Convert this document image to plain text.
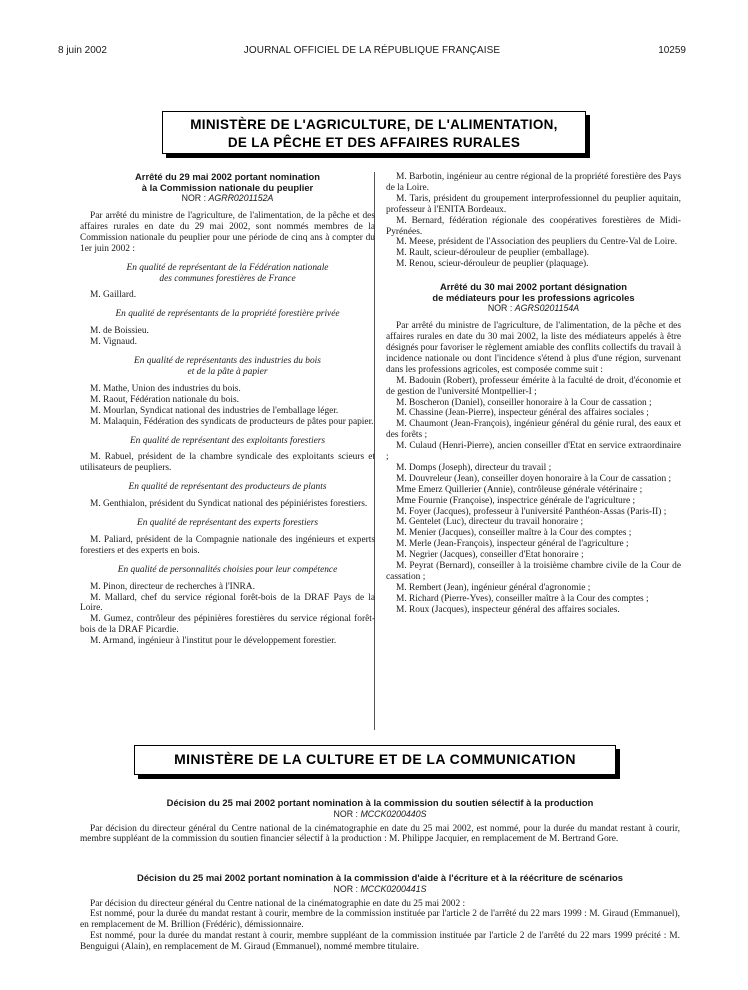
8 juin 2002	JOURNAL OFFICIEL DE LA RÉPUBLIQUE FRANÇAISE	10259
MINISTÈRE DE L'AGRICULTURE, DE L'ALIMENTATION,
DE LA PÊCHE ET DES AFFAIRES RURALES
Arrêté du 29 mai 2002 portant nomination
à la Commission nationale du peuplier
NOR : AGRR0201152A

Par arrêté du ministre de l'agriculture, de l'alimentation, de la pêche et des affaires rurales en date du 29 mai 2002, sont nommés membres de la Commission nationale du peuplier pour une période de cinq ans à compter du 1er juin 2002 :

En qualité de représentant de la Fédération nationale
des communes forestières de France

M. Gaillard.

En qualité de représentants de la propriété forestière privée

M. de Boissieu.

M. Vignaud.

En qualité de représentants des industries du bois
et de la pâte à papier

M. Mathe, Union des industries du bois.

M. Raout, Fédération nationale du bois.

M. Mourlan, Syndicat national des industries de l'emballage léger.

M. Malaquin, Fédération des syndicats de producteurs de pâtes pour papier.

En qualité de représentant des exploitants forestiers

M. Rabuel, président de la chambre syndicale des exploitants scieurs et utilisateurs de peupliers.

En qualité de représentant des producteurs de plants

M. Genthialon, président du Syndicat national des pépiniéristes forestiers.

En qualité de représentant des experts forestiers

M. Paliard, président de la Compagnie nationale des ingénieurs et experts forestiers et des experts en bois.

En qualité de personnalités choisies pour leur compétence

M. Pinon, directeur de recherches à l'INRA.

M. Mallard, chef du service régional forêt-bois de la DRAF Pays de la Loire.

M. Gumez, contrôleur des pépinières forestières du service régional forêt-bois de la DRAF Picardie.

M. Armand, ingénieur à l'institut pour le développement forestier.

M. Barbotin, ingénieur au centre régional de la propriété forestière des Pays de la Loire.

M. Taris, président du groupement interprofessionnel du peuplier aquitain, professeur à l'ENITA Bordeaux.

M. Bernard, fédération régionale des coopératives forestières de Midi-Pyrénées.

M. Meese, président de l'Association des peupliers du Centre-Val de Loire.

M. Rault, scieur-dérouleur de peuplier (emballage).

M. Renou, scieur-dérouleur de peuplier (plaquage).

Arrêté du 30 mai 2002 portant désignation
de médiateurs pour les professions agricoles
NOR : AGRS0201154A

Par arrêté du ministre de l'agriculture, de l'alimentation, de la pêche et des affaires rurales en date du 30 mai 2002, la liste des médiateurs appelés à être désignés pour favoriser le règlement amiable des conflits collectifs du travail à incidence nationale ou dont l'incidence s'étend à plus d'une région, survenant dans les professions agricoles, est composée comme suit :

M. Badouin (Robert), professeur émérite à la faculté de droit, d'économie et de gestion de l'université Montpellier-I ;

M. Boscheron (Daniel), conseiller honoraire à la Cour de cassation ;

M. Chassine (Jean-Pierre), inspecteur général des affaires sociales ;

M. Chaumont (Jean-François), ingénieur général du génie rural, des eaux et des forêts ;

M. Culaud (Henri-Pierre), ancien conseiller d'Etat en service extraordinaire ;

M. Domps (Joseph), directeur du travail ;

M. Douvreleur (Jean), conseiller doyen honoraire à la Cour de cassation ;

Mme Emerz Quillerier (Annie), contrôleuse générale vétérinaire ;

Mme Fournie (Françoise), inspectrice générale de l'agriculture ;

M. Foyer (Jacques), professeur à l'université Panthéon-Assas (Paris-II) ;

M. Gentelet (Luc), directeur du travail honoraire ;

M. Menier (Jacques), conseiller maître à la Cour des comptes ;

M. Merle (Jean-François), inspecteur général de l'agriculture ;

M. Negrier (Jacques), conseiller d'Etat honoraire ;

M. Peyrat (Bernard), conseiller à la troisième chambre civile de la Cour de cassation ;

M. Rembert (Jean), ingénieur général d'agronomie ;

M. Richard (Pierre-Yves), conseiller maître à la Cour des comptes ;

M. Roux (Jacques), inspecteur général des affaires sociales.

MINISTÈRE DE LA CULTURE ET DE LA COMMUNICATION
Décision du 25 mai 2002 portant nomination à la commission du soutien sélectif à la production
NOR : MCCK0200440S

Par décision du directeur général du Centre national de la cinématographie en date du 25 mai 2002, est nommé, pour la durée du mandat restant à courir, membre suppléant de la commission du soutien financier sélectif à la production : M. Philippe Jacquier, en remplacement de M. Bertrand Gore.

Décision du 25 mai 2002 portant nomination à la commission d'aide à l'écriture et à la réécriture de scénarios
NOR : MCCK0200441S

Par décision du directeur général du Centre national de la cinématographie en date du 25 mai 2002 :

Est nommé, pour la durée du mandat restant à courir, membre de la commission instituée par l'article 2 de l'arrêté du 22 mars 1999 : M. Giraud (Emmanuel), en remplacement de M. Brillion (Frédéric), démissionnaire.

Est nommé, pour la durée du mandat restant à courir, membre suppléant de la commission instituée par l'article 2 de l'arrêté du 22 mars 1999 précité : M. Benguigui (Alain), en remplacement de M. Giraud (Emmanuel), nommé membre titulaire.
